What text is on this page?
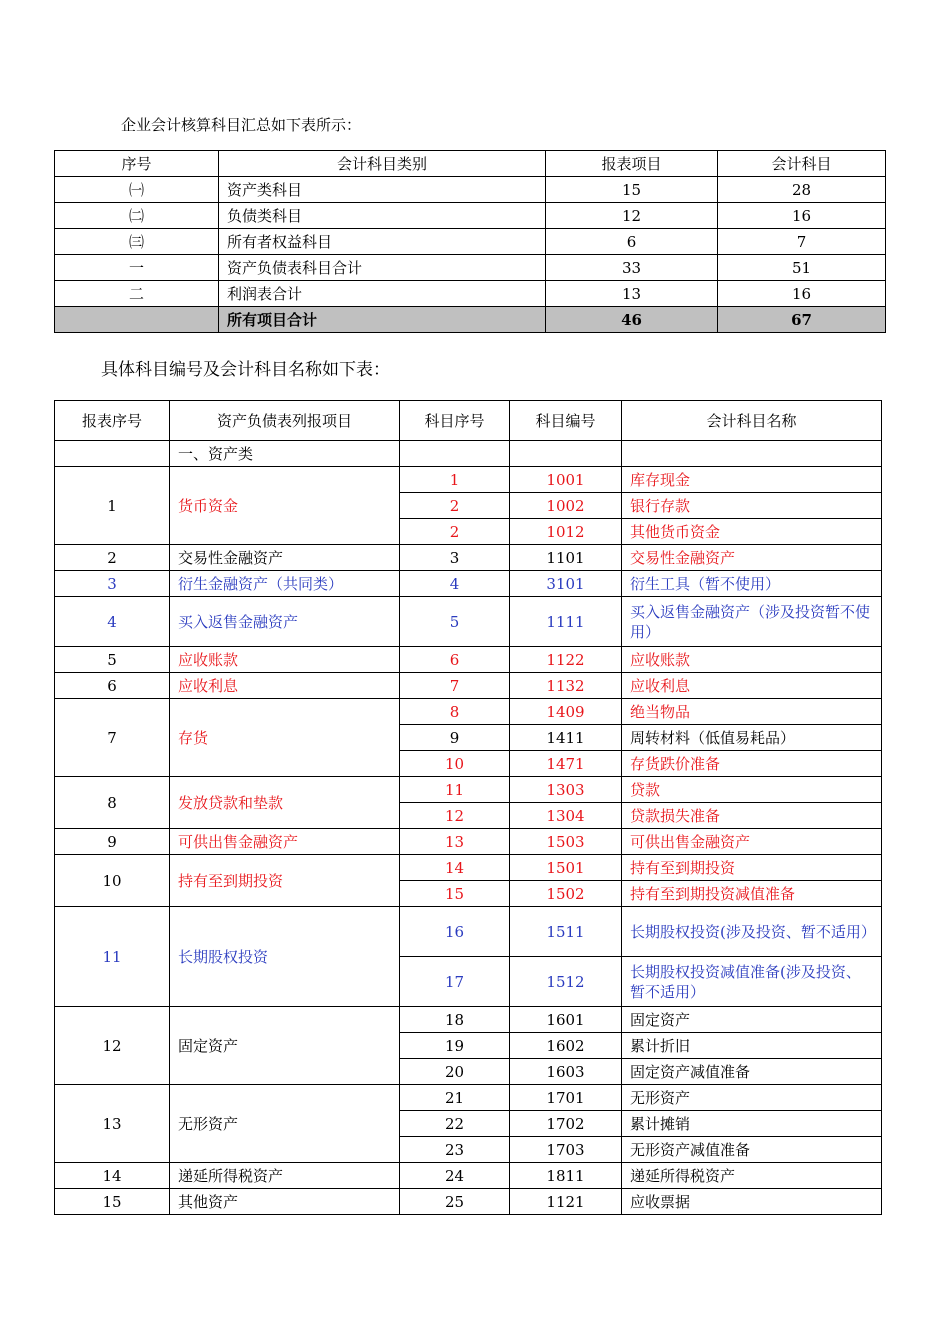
企业会计核算科目汇总如下表所示：

序号	会计科目类别	报表项目	会计科目
㈠	资产类科目	15	28
㈡	负债类科目	12	16
㈢	所有者权益科目	6	7
一	资产负债表科目合计	33	51
二	利润表合计	13	16
	所有项目合计	46	67

具体科目编号及会计科目名称如下表：

报表序号	资产负债表列报项目	科目序号	科目编号	会计科目名称
	一、资产类			
1	货币资金	1	1001	库存现金
		2	1002	银行存款
		2	1012	其他货币资金
2	交易性金融资产	3	1101	交易性金融资产
3	衍生金融资产（共同类）	4	3101	衍生工具（暂不使用）
4	买入返售金融资产	5	1111	买入返售金融资产（涉及投资暂不使用）
5	应收账款	6	1122	应收账款
6	应收利息	7	1132	应收利息
7	存货	8	1409	绝当物品
		9	1411	周转材料（低值易耗品）
		10	1471	存货跌价准备
8	发放贷款和垫款	11	1303	贷款
		12	1304	贷款损失准备
9	可供出售金融资产	13	1503	可供出售金融资产
10	持有至到期投资	14	1501	持有至到期投资
		15	1502	持有至到期投资减值准备
11	长期股权投资	16	1511	长期股权投资(涉及投资、暂不适用）
		17	1512	长期股权投资减值准备(涉及投资、暂不适用）
12	固定资产	18	1601	固定资产
		19	1602	累计折旧
		20	1603	固定资产减值准备
13	无形资产	21	1701	无形资产
		22	1702	累计摊销
		23	1703	无形资产减值准备
14	递延所得税资产	24	1811	递延所得税资产
15	其他资产	25	1121	应收票据
